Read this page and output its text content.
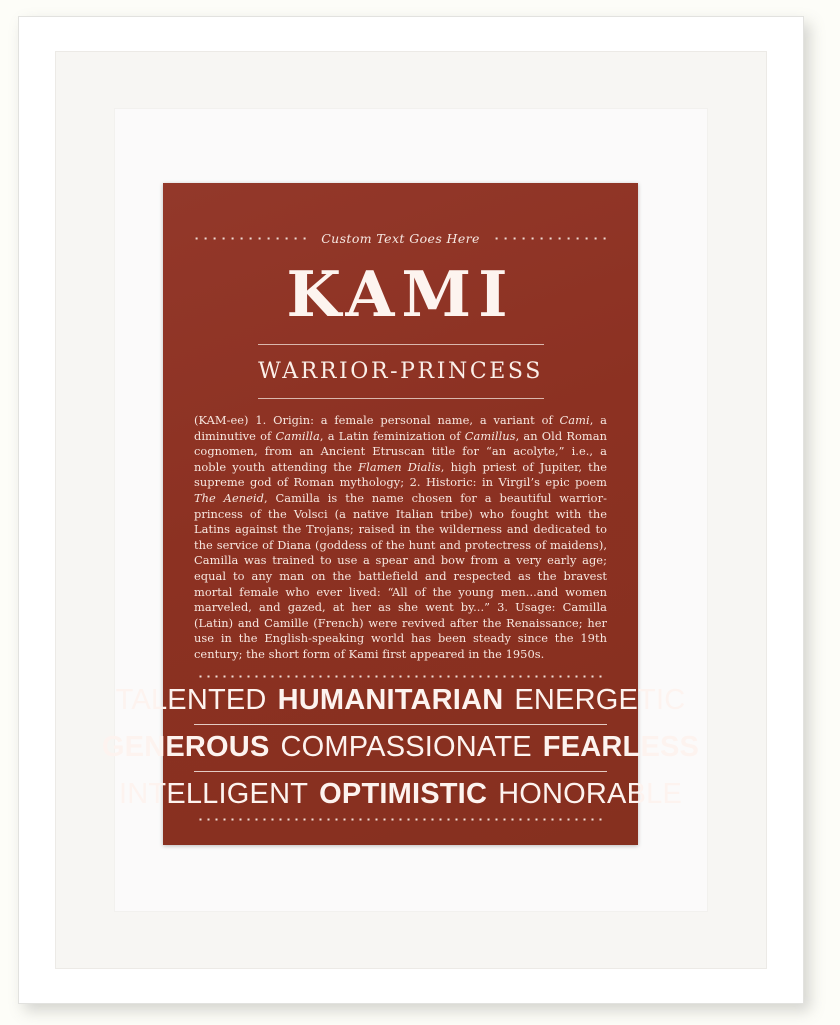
Custom Text Goes Here
KAMI
WARRIOR-PRINCESS
(KAM-ee) 1. Origin: a female personal name, a variant of Cami, a diminutive of Camilla, a Latin feminization of Camillus, an Old Roman cognomen, from an Ancient Etruscan title for “an acolyte,” i.e., a noble youth attending the Flamen Dialis, high priest of Jupiter, the supreme god of Roman mythology; 2. Historic: in Virgil’s epic poem The Aeneid, Camilla is the name chosen for a beautiful warrior-princess of the Volsci (a native Italian tribe) who fought with the Latins against the Trojans; raised in the wilderness and dedicated to the service of Diana (goddess of the hunt and protectress of maidens), Camilla was trained to use a spear and bow from a very early age; equal to any man on the battlefield and respected as the bravest mortal female who ever lived: “All of the young men...and women marveled, and gazed, at her as she went by...” 3. Usage: Camilla (Latin) and Camille (French) were revived after the Renaissance; her use in the English-speaking world has been steady since the 19th century; the short form of Kami first appeared in the 1950s.
TALENTED HUMANITARIAN ENERGETIC
GENEROUS COMPASSIONATE FEARLESS
INTELLIGENT OPTIMISTIC HONORABLE
